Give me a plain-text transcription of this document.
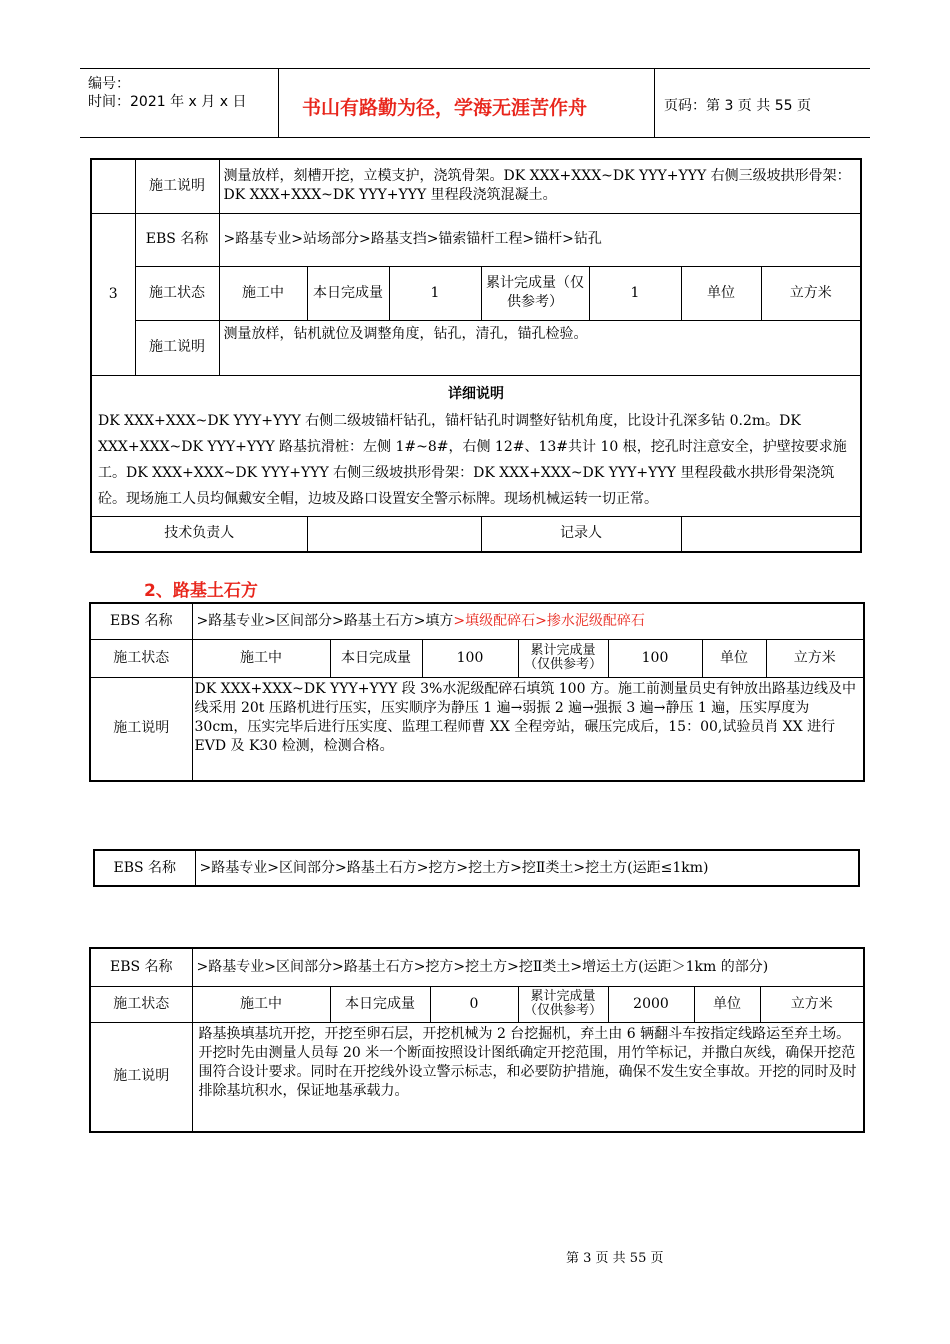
编号：
时间：2021 年 x 月 x 日	书山有路勤为径，学海无涯苦作舟	页码：第 3 页 共 55 页
	施工说明	测量放样，刻槽开挖，立模支护，浇筑骨架。DK XXX+XXX~DK YYY+YYY 右侧三级坡拱形骨架：DK XXX+XXX~DK YYY+YYY 里程段浇筑混凝土。						
3	EBS 名称	>路基专业>站场部分>路基支挡>锚索锚杆工程>锚杆>钻孔						
	施工状态	施工中	本日完成量	1	累计完成量（仅供参考）	1	单位	立方米
	施工说明	测量放样，钻机就位及调整角度，钻孔，清孔，锚孔检验。						

详细说明
DK XXX+XXX~DK YYY+YYY 右侧二级坡锚杆钻孔，锚杆钻孔时调整好钻机角度，比设计孔深多钻 0.2m。DK XXX+XXX~DK YYY+YYY 路基抗滑桩：左侧 1#~8#，右侧 12#、13#共计 10 根，挖孔时注意安全，护壁按要求施工。DK XXX+XXX~DK YYY+YYY 右侧三级坡拱形骨架：DK XXX+XXX~DK YYY+YYY 里程段截水拱形骨架浇筑砼。现场施工人员均佩戴安全帽，边坡及路口设置安全警示标牌。现场机械运转一切正常。								

技术负责人					记录人			
2、路基土石方
EBS 名称	>路基专业>区间部分>路基土石方>填方>填级配碎石>掺水泥级配碎石						
施工状态	施工中	本日完成量	100	累计完成量（仅供参考）	100	单位	立方米
施工说明	DK XXX+XXX~DK YYY+YYY 段 3%水泥级配碎石填筑 100 方。施工前测量员史有钟放出路基边线及中线采用 20t 压路机进行压实，压实顺序为静压 1 遍→弱振 2 遍→强振 3 遍→静压 1 遍，压实厚度为 30cm，压实完毕后进行压实度、监理工程师曹 XX 全程旁站，碾压完成后，15：00,试验员肖 XX 进行 EVD 及 K30 检测，检测合格。						
EBS 名称	>路基专业>区间部分>路基土石方>挖方>挖土方>挖Ⅱ类土>挖土方(运距≤1km)
EBS 名称	>路基专业>区间部分>路基土石方>挖方>挖土方>挖Ⅱ类土>增运土方(运距＞1km 的部分)						
施工状态	施工中	本日完成量	0	累计完成量（仅供参考）	2000	单位	立方米
施工说明	路基换填基坑开挖，开挖至卵石层，开挖机械为 2 台挖掘机，弃土由 6 辆翻斗车按指定线路运至弃土场。开挖时先由测量人员每 20 米一个断面按照设计图纸确定开挖范围，用竹竿标记，并撒白灰线，确保开挖范围符合设计要求。同时在开挖线外设立警示标志，和必要防护措施，确保不发生安全事故。开挖的同时及时排除基坑积水，保证地基承载力。						
第 3 页 共 55 页
